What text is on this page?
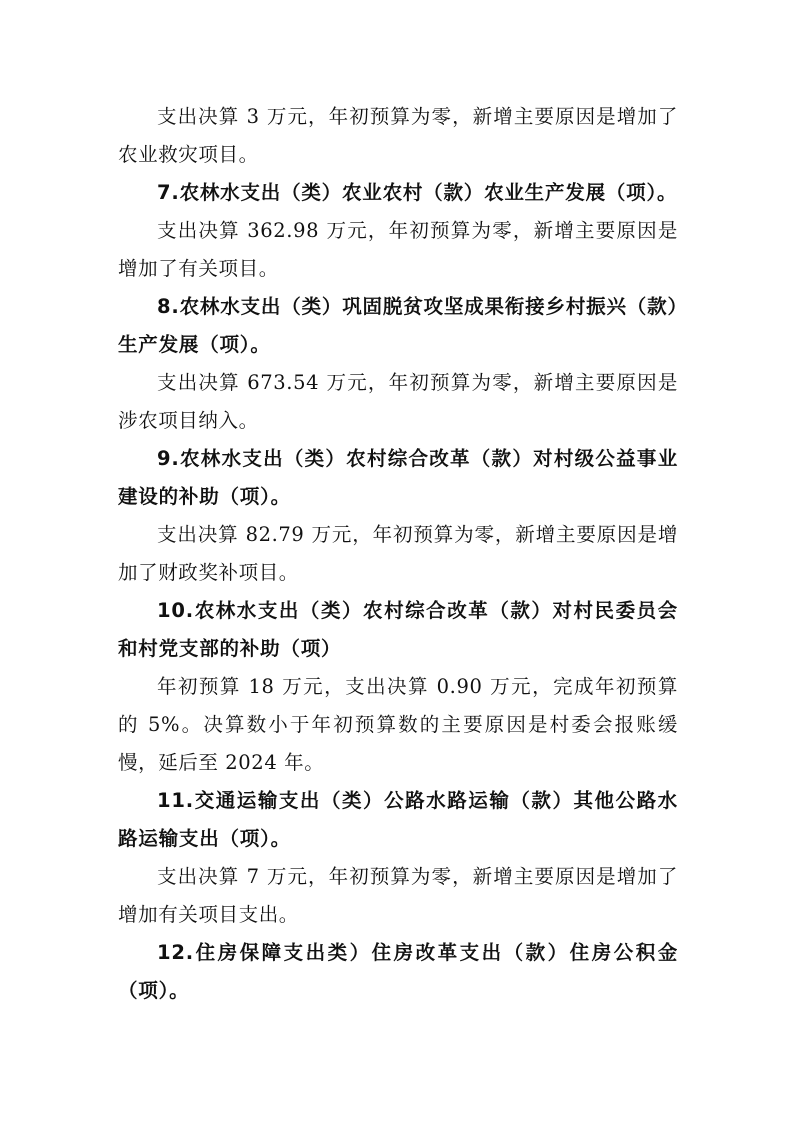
支出决算 3 万元，年初预算为零，新增主要原因是增加了农业救灾项目。

7.农林水支出（类）农业农村（款）农业生产发展（项）。

支出决算 362.98 万元，年初预算为零，新增主要原因是增加了有关项目。

8.农林水支出（类）巩固脱贫攻坚成果衔接乡村振兴（款）生产发展（项）。

支出决算 673.54 万元，年初预算为零，新增主要原因是涉农项目纳入。

9.农林水支出（类）农村综合改革（款）对村级公益事业建设的补助（项）。

支出决算 82.79 万元，年初预算为零，新增主要原因是增加了财政奖补项目。

10.农林水支出（类）农村综合改革（款）对村民委员会和村党支部的补助（项）

年初预算 18 万元，支出决算 0.90 万元，完成年初预算的 5%。决算数小于年初预算数的主要原因是村委会报账缓慢，延后至 2024 年。

11.交通运输支出（类）公路水路运输（款）其他公路水路运输支出（项）。

支出决算 7 万元，年初预算为零，新增主要原因是增加了增加有关项目支出。

12.住房保障支出类）住房改革支出（款）住房公积金（项）。
